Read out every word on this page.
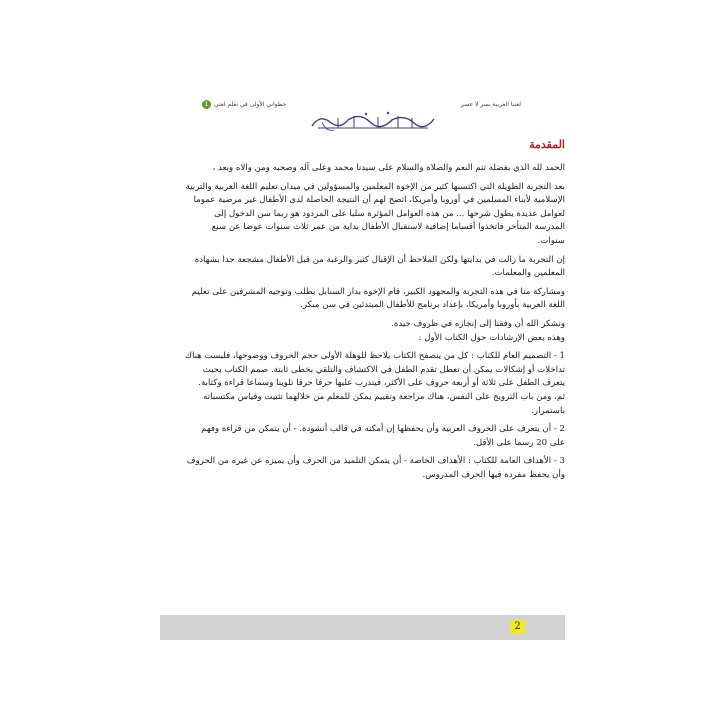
خطواتي الأولى في تعلم لغتي
1	لغتنا العربية يسر لا عسر
المقدمة

الحمد لله الذي بفضله تتم النعم والصلاة والسلام على سيدنا محمد وعلى آله وصحبه ومن والاه وبعد ،

بعد التجربة الطويلة التي اكتسبها كثير من الإخوة المعلمين والمسؤولين في ميدان تعليم اللغة العربية والتربية الإسلامية لأبناء المسلمين في أوروبا وأمريكا، اتضح لهم أن النتيجة الحاصلة لدى الأطفال غير مرضية عموما لعوامل عديدة يطول شرحها ... من هذه العوامل المؤثرة سلبا على المردود هو ربما سن الدخول إلى المدرسة المتأخر فاتخذوا أقساما إضافية لاستقبال الأطفال بداية من عمر ثلاث سنوات عوضا عن سبع سنوات.

إن التجربة ما زالت في بدايتها ولكن الملاحظ أن الإقبال كثير والرغبة من قبل الأطفال مشجعة جدا بشهادة المعلمين والمعلمات.

ومشاركة منا في هذه التجربة والمجهود الكبير، قام الإخوة بدار السنابل بطلب وتوجيه المشرفين على تعليم اللغة العربية بأوروبا وأمريكا، بإعداد برنامج للأطفال المبتدئين في سن مبكر.

ونشكر الله أن وفقنا إلى إنجازه في ظروف جيدة.

وهذه بعض الإرشادات حول الكتاب الأول :

1 - التصميم العام للكتاب : كل من يتصفح الكتاب يلاحظ للوهلة الأولى حجم الحروف ووضوحها، فليست هناك تداخلات أو إشكالات يمكن أن تعطل تقدم الطفل في الاكتشاف والتلقي بخطى ثابتة. صمم الكتاب بحيث يتعرف الطفل على ثلاثة أو أربعة حروف على الأكثر، فيتدرب عليها حرفا حرفا تلوينا وسماعا قراءة وكتابة. ثم، ومن باب الترويح على النفس، هناك مراجعة وتقييم يمكن للمعلم من خلالهما تثبيت وقياس مكتسباته باستمرار.

2 - أن يتعرف على الحروف العربية وأن يحفظها إن أمكنه في قالب أنشودة. - أن يتمكن من قراءة وفهم على 20 رسما على الأقل.

3 - الأهداف العامة للكتاب : الأهداف الخاصة - أن يتمكن التلميذ من الحرف وأن يميزه عن غيره من الحروف وأن يحفظ مفردة فيها الحرف المدروس.

2
